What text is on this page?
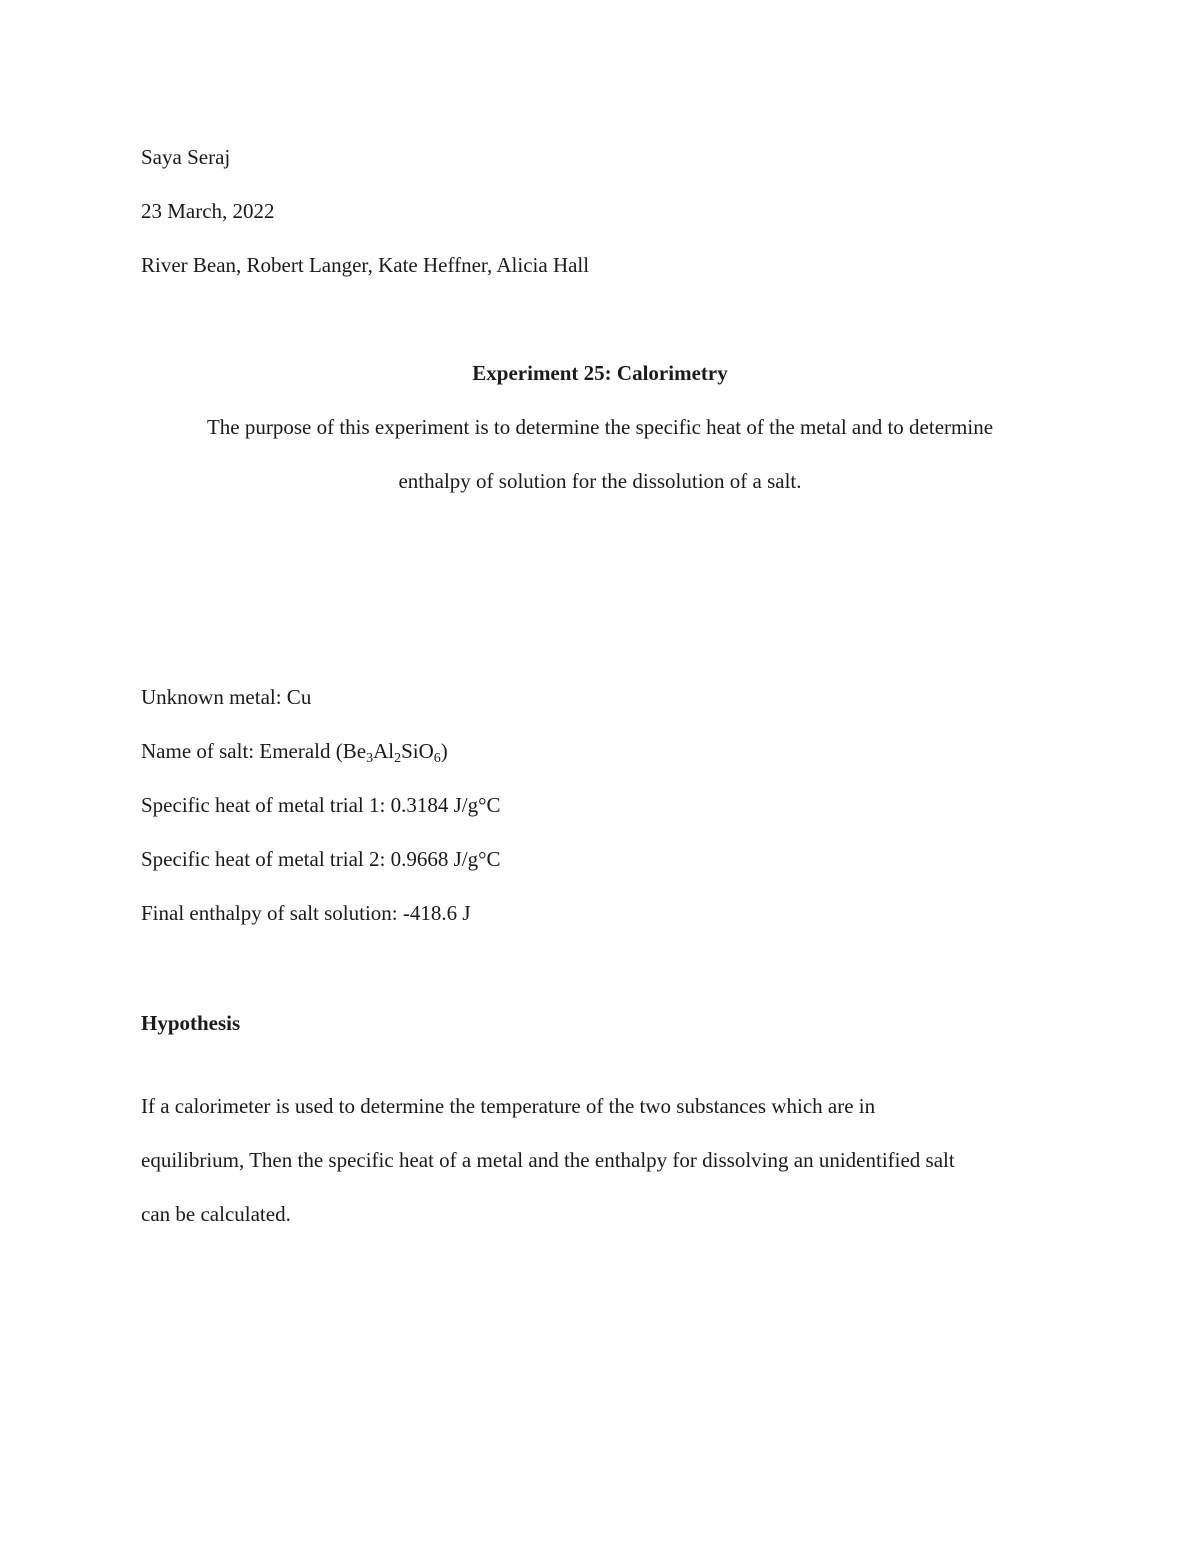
Saya Seraj
23 March, 2022
River Bean, Robert Langer, Kate Heffner, Alicia Hall
Experiment 25: Calorimetry
The purpose of this experiment is to determine the specific heat of the metal and to determine
enthalpy of solution for the dissolution of a salt.
Unknown metal: Cu
Name of salt: Emerald $(Be_3Al_2SiO_6)$
Specific heat of metal trial 1: 0.3184 J/g°C
Specific heat of metal trial 2: 0.9668 J/g°C
Final enthalpy of salt solution: -418.6 J
Hypothesis
If a calorimeter is used to determine the temperature of the two substances which are in
equilibrium, Then the specific heat of a metal and the enthalpy for dissolving an unidentified salt
can be calculated.
